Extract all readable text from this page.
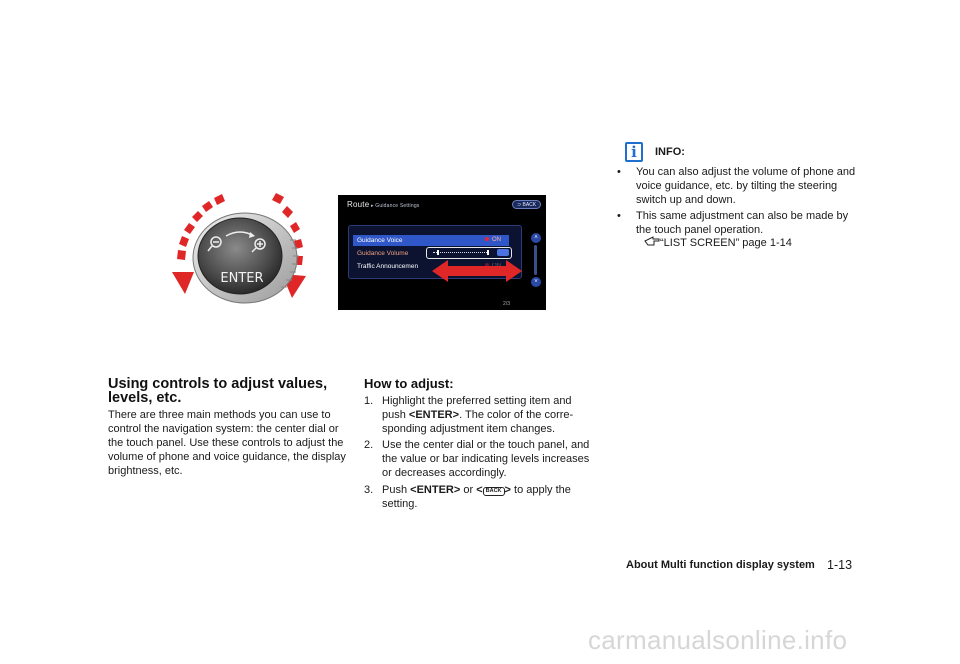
ENTER
Route ▸ Guidance Settings	⊃ BACK
Guidance Voice	ON
Guidance Volume
Traffic Announcemen
˄
˅
2/3
Using controls to adjust values,
levels, etc.

There are three main methods you can use to

control the navigation system: the center dial or

the touch panel. Use these controls to adjust the

volume of phone and voice guidance, the display

brightness, etc.

How to adjust:
1. Highlight the preferred setting item and
push <ENTER>. The color of the corre-
sponding adjustment item changes.
2. Use the center dial or the touch panel, and
the value or bar indicating levels increases
or decreases accordingly.
3. Push <ENTER> or < BACK > to apply the
setting.
i	INFO:
• You can also adjust the volume of phone and
voice guidance, etc. by tilting the steering
switch up and down.
• This same adjustment can also be made by
the touch panel operation.
“LIST SCREEN” page 1-14
About Multi function display system 1-13
carmanualsonline.info
